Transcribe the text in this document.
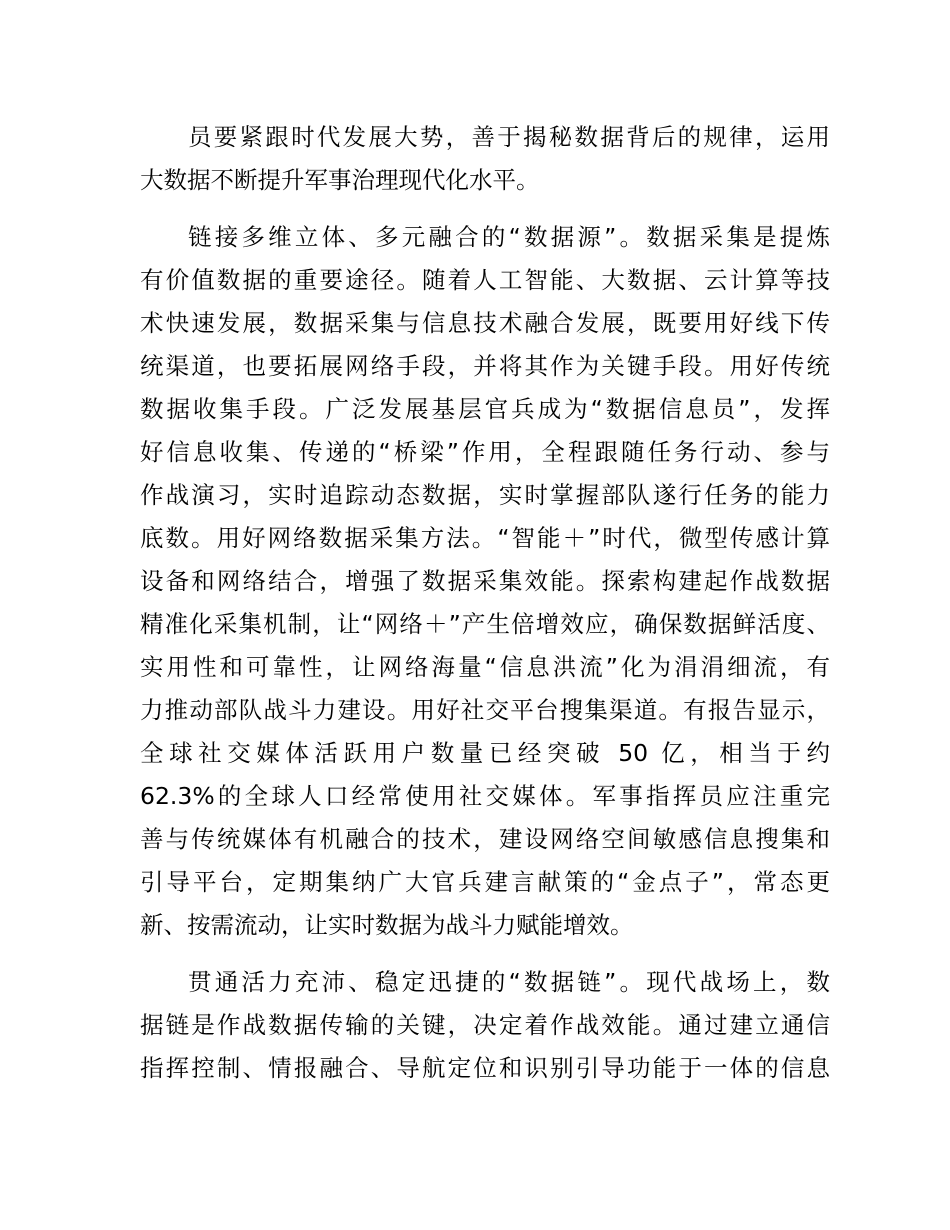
员要紧跟时代发展大势，善于揭秘数据背后的规律，运用
大数据不断提升军事治理现代化水平。
链接多维立体、多元融合的“数据源”。数据采集是提炼
有价值数据的重要途径。随着人工智能、大数据、云计算等技
术快速发展，数据采集与信息技术融合发展，既要用好线下传
统渠道，也要拓展网络手段，并将其作为关键手段。用好传统
数据收集手段。广泛发展基层官兵成为“数据信息员”，发挥
好信息收集、传递的“桥梁”作用，全程跟随任务行动、参与
作战演习，实时追踪动态数据，实时掌握部队遂行任务的能力
底数。用好网络数据采集方法。“智能＋”时代，微型传感计算
设备和网络结合，增强了数据采集效能。探索构建起作战数据
精准化采集机制，让“网络＋”产生倍增效应，确保数据鲜活度、
实用性和可靠性，让网络海量“信息洪流”化为涓涓细流，有
力推动部队战斗力建设。用好社交平台搜集渠道。有报告显示，
全球社交媒体活跃用户数量已经突破 50 亿，相当于约
62.3%的全球人口经常使用社交媒体。军事指挥员应注重完
善与传统媒体有机融合的技术，建设网络空间敏感信息搜集和
引导平台，定期集纳广大官兵建言献策的“金点子”，常态更
新、按需流动，让实时数据为战斗力赋能增效。
贯通活力充沛、稳定迅捷的“数据链”。现代战场上，数
据链是作战数据传输的关键，决定着作战效能。通过建立通信
指挥控制、情报融合、导航定位和识别引导功能于一体的信息
